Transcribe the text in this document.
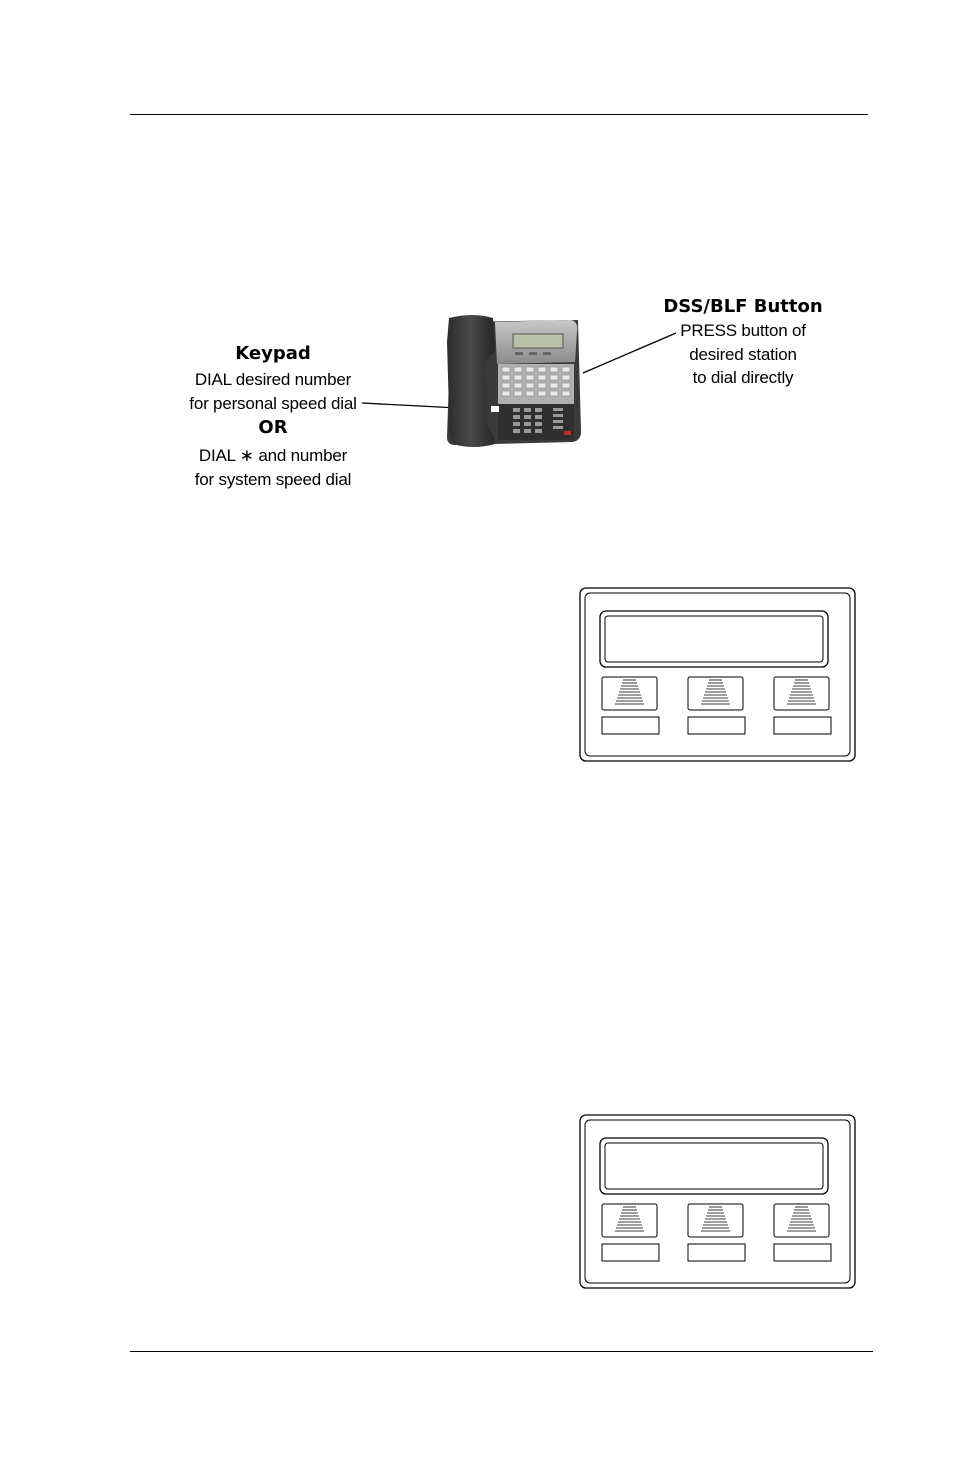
Keypad
DIAL desired number
for personal speed dial
OR
DIAL ∗ and number
for system speed dial
DSS/BLF Button
PRESS button of
desired station
to dial directly
